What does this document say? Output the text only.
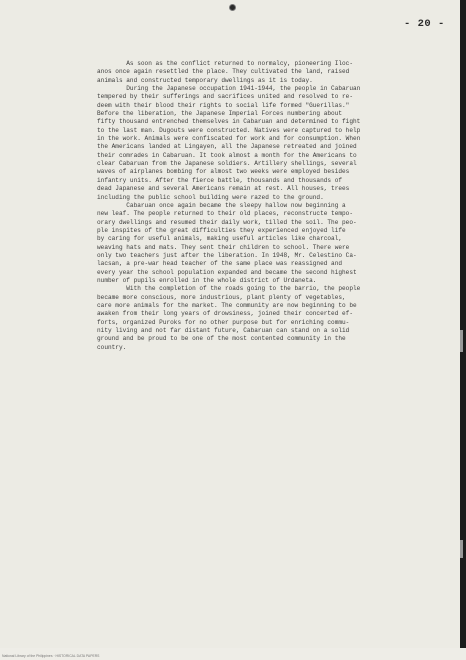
- 20 -
As soon as the conflict returned to normalcy, pioneering Iloc-
anos once again resettled the place. They cultivated the land, raised
animals and constructed temporary dwellings as it is today.
During the Japanese occupation 1941-1944, the people in Cabaruan
tempered by their sufferings and sacrifices united and resolved to re-
deem with their blood their rights to social life formed "Guerillas."
Before the liberation, the Japanese Imperial Forces numbering about
fifty thousand entrenched themselves in Cabaruan and determined to fight
to the last man. Dugouts were constructed. Natives were captured to help
in the work. Animals were confiscated for work and for consumption. When
the Americans landed at Lingayen, all the Japanese retreated and joined
their comrades in Cabaruan. It took almost a month for the Americans to
clear Cabaruan from the Japanese soldiers. Artillery shellings, several
waves of airplanes bombing for almost two weeks were employed besides
infantry units. After the fierce battle, thousands and thousands of
dead Japanese and several Americans remain at rest. All houses, trees
including the public school building were razed to the ground.
Cabaruan once again became the sleepy hallow now beginning a
new leaf. The people returned to their old places, reconstructe tempo-
orary dwellings and resumed their daily work, tilled the soil. The peo-
ple inspites of the great difficulties they experienced enjoyed life
by caring for useful animals, making useful articles like charcoal,
weaving hats and mats. They sent their children to school. There were
only two teachers just after the liberation. In 1948, Mr. Celestino Ca-
lacsan, a pre-war head teacher of the same place was reassigned and
every year the school population expanded and became the second highest
number of pupils enrolled in the whole district of Urdaneta.
With the completion of the roads going to the barrio, the people
became more conscious, more industrious, plant plenty of vegetables,
care more animals for the market. The community are now beginning to be
awaken from their long years of drowsiness, joined their concerted ef-
forts, organized Puroks for no other purpose but for enriching commu-
nity living and not far distant future, Cabaruan can stand on a solid
ground and be proud to be one of the most contented community in the
country.
National Library of the Philippines · HISTORICAL DATA PAPERS
